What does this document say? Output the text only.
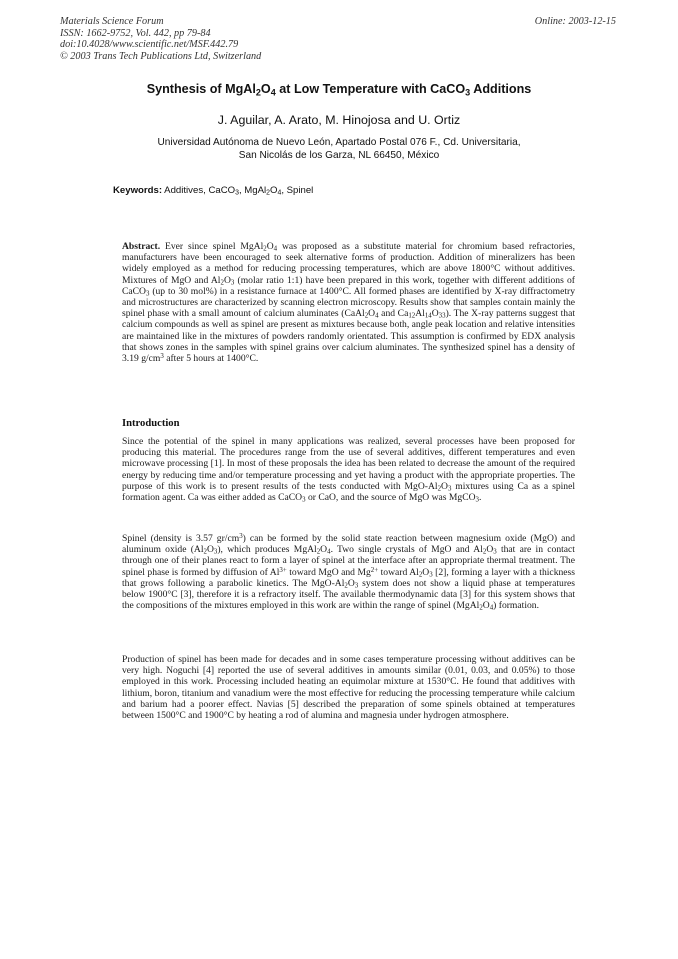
Materials Science Forum
ISSN: 1662-9752, Vol. 442, pp 79-84
doi:10.4028/www.scientific.net/MSF.442.79
© 2003 Trans Tech Publications Ltd, Switzerland
Online: 2003-12-15
Synthesis of $MgAl_2O_4$ at Low Temperature with CaCO$_3$ Additions
J. Aguilar, A. Arato, M. Hinojosa and U. Ortiz
Universidad Autónoma de Nuevo León, Apartado Postal 076 F., Cd. Universitaria,
San Nicolás de los Garza, NL 66450, México
Keywords: Additives, CaCO$_3$, $MgAl_2O_4$, Spinel
Abstract. Ever since spinel $MgAl_2O_4$ was proposed as a substitute material for chromium based refractories, manufacturers have been encouraged to seek alternative forms of production. Addition of mineralizers has been widely employed as a method for reducing processing temperatures, which are above 1800°C without additives. Mixtures of MgO and $Al_2O_3$ (molar ratio 1:1) have been prepared in this work, together with different additions of CaCO$_3$ (up to 30 mol%) in a resistance furnace at 1400°C. All formed phases are identified by X-ray diffractometry and microstructures are characterized by scanning electron microscopy. Results show that samples contain mainly the spinel phase with a small amount of calcium aluminates ($CaAl_2O_4$ and $Ca_{12}Al_{14}O_{33}$). The X-ray patterns suggest that calcium compounds as well as spinel are present as mixtures because both, angle peak location and relative intensities are maintained like in the mixtures of powders randomly orientated. This assumption is confirmed by EDX analysis that shows zones in the samples with spinel grains over calcium aluminates. The synthesized spinel has a density of 3.19 $g/cm^3$ after 5 hours at 1400°C.
Introduction
Since the potential of the spinel in many applications was realized, several processes have been proposed for producing this material. The procedures range from the use of several additives, different temperatures and even microwave processing [1]. In most of these proposals the idea has been related to decrease the amount of the required energy by reducing time and/or temperature processing and yet having a product with the appropriate properties. The purpose of this work is to present results of the tests conducted with MgO-$Al_2O_3$ mixtures using Ca as a spinel formation agent. Ca was either added as CaCO$_3$ or CaO, and the source of MgO was MgCO$_3$.
Spinel (density is 3.57 $gr/cm^3$) can be formed by the solid state reaction between magnesium oxide (MgO) and aluminum oxide $(Al_2O_3)$, which produces $MgAl_2O_4$. Two single crystals of MgO and $Al_2O_3$ that are in contact through one of their planes react to form a layer of spinel at the interface after an appropriate thermal treatment. The spinel phase is formed by diffusion of $Al^{3+}$ toward MgO and $Mg^{2+}$ toward $Al_2O_3$ [2], forming a layer with a thickness that grows following a parabolic kinetics. The MgO-$Al_2O_3$ system does not show a liquid phase at temperatures below 1900°C [3], therefore it is a refractory itself. The available thermodynamic data [3] for this system shows that the compositions of the mixtures employed in this work are within the range of spinel $(MgAl_2O_4)$ formation.
Production of spinel has been made for decades and in some cases temperature processing without additives can be very high. Noguchi [4] reported the use of several additives in amounts similar (0.01, 0.03, and 0.05%) to those employed in this work. Processing included heating an equimolar mixture at 1530°C. He found that additives with lithium, boron, titanium and vanadium were the most effective for reducing the processing temperature while calcium and barium had a poorer effect. Navias [5] described the preparation of some spinels obtained at temperatures between 1500°C and 1900°C by heating a rod of alumina and magnesia under hydrogen atmosphere.
